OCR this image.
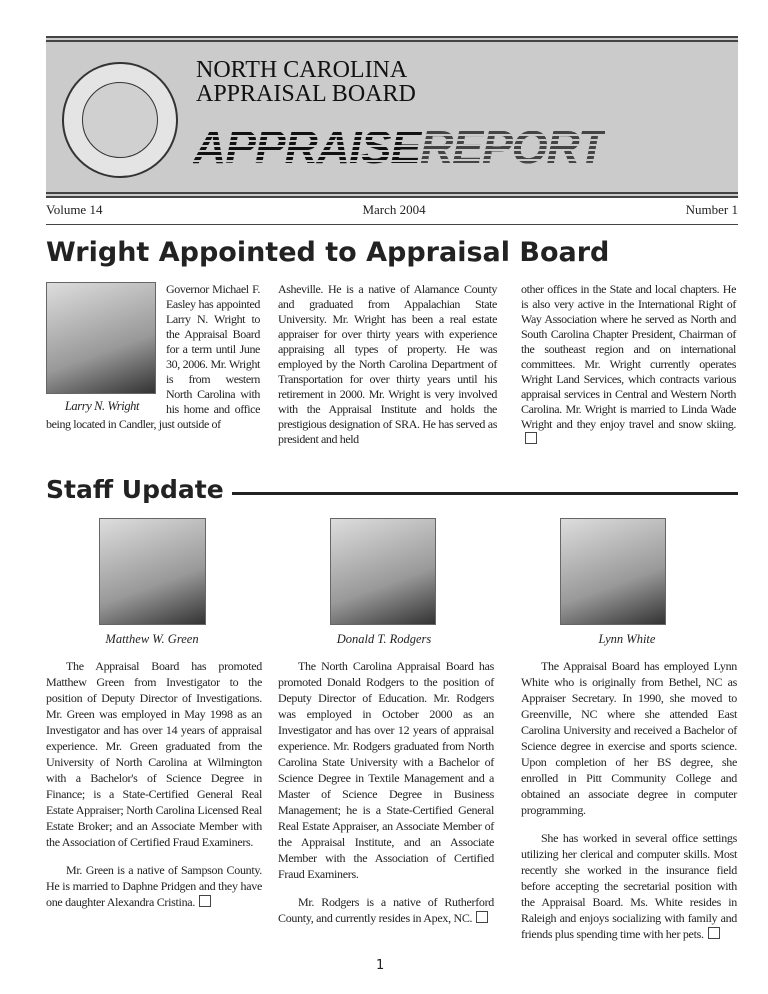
NORTH CAROLINA
APPRAISAL BOARD
APPRAISEREPORT
Volume 14	March 2004	Number 1
Wright Appointed to Appraisal Board
Larry N. Wright
Governor Michael F. Easley has appointed Larry N. Wright to the Appraisal Board for a term until June 30, 2006. Mr. Wright is from western North Carolina with his home and office being located in Candler, just outside of
Asheville. He is a native of Alamance County and graduated from Appalachian State University. Mr. Wright has been a real estate appraiser for over thirty years with experience appraising all types of property. He was employed by the North Carolina Department of Transportation for over thirty years until his retirement in 2000. Mr. Wright is very involved with the Appraisal Institute and holds the prestigious designation of SRA. He has served as president and held
other offices in the State and local chapters. He is also very active in the International Right of Way Association where he served as North and South Carolina Chapter President, Chairman of the southeast region and on international committees. Mr. Wright currently operates Wright Land Services, which contracts various appraisal services in Central and Western North Carolina. Mr. Wright is married to Linda Wade Wright and they enjoy travel and snow skiing.
Staff Update
Matthew W. Green	Donald T. Rodgers	Lynn White

The Appraisal Board has promoted Matthew Green from Investigator to the position of Deputy Director of Investigations. Mr. Green was employed in May 1998 as an Investigator and has over 14 years of appraisal experience. Mr. Green graduated from the University of North Carolina at Wilmington with a Bachelor's of Science Degree in Finance; is a State-Certified General Real Estate Appraiser; North Carolina Licensed Real Estate Broker; and an Associate Member with the Association of Certified Fraud Examiners.

Mr. Green is a native of Sampson County. He is married to Daphne Pridgen and they have one daughter Alexandra Cristina.

The North Carolina Appraisal Board has promoted Donald Rodgers to the position of Deputy Director of Education. Mr. Rodgers was employed in October 2000 as an Investigator and has over 12 years of appraisal experience. Mr. Rodgers graduated from North Carolina State University with a Bachelor of Science Degree in Textile Management and a Master of Science Degree in Business Management; he is a State-Certified General Real Estate Appraiser, an Associate Member of the Appraisal Institute, and an Associate Member with the Association of Certified Fraud Examiners.

Mr. Rodgers is a native of Rutherford County, and currently resides in Apex, NC.

The Appraisal Board has employed Lynn White who is originally from Bethel, NC as Appraiser Secretary. In 1990, she moved to Greenville, NC where she attended East Carolina University and received a Bachelor of Science degree in exercise and sports science. Upon completion of her BS degree, she enrolled in Pitt Community College and obtained an associate degree in computer programming.

She has worked in several office settings utilizing her clerical and computer skills. Most recently she worked in the insurance field before accepting the secretarial position with the Appraisal Board. Ms. White resides in Raleigh and enjoys socializing with family and friends plus spending time with her pets.

1
